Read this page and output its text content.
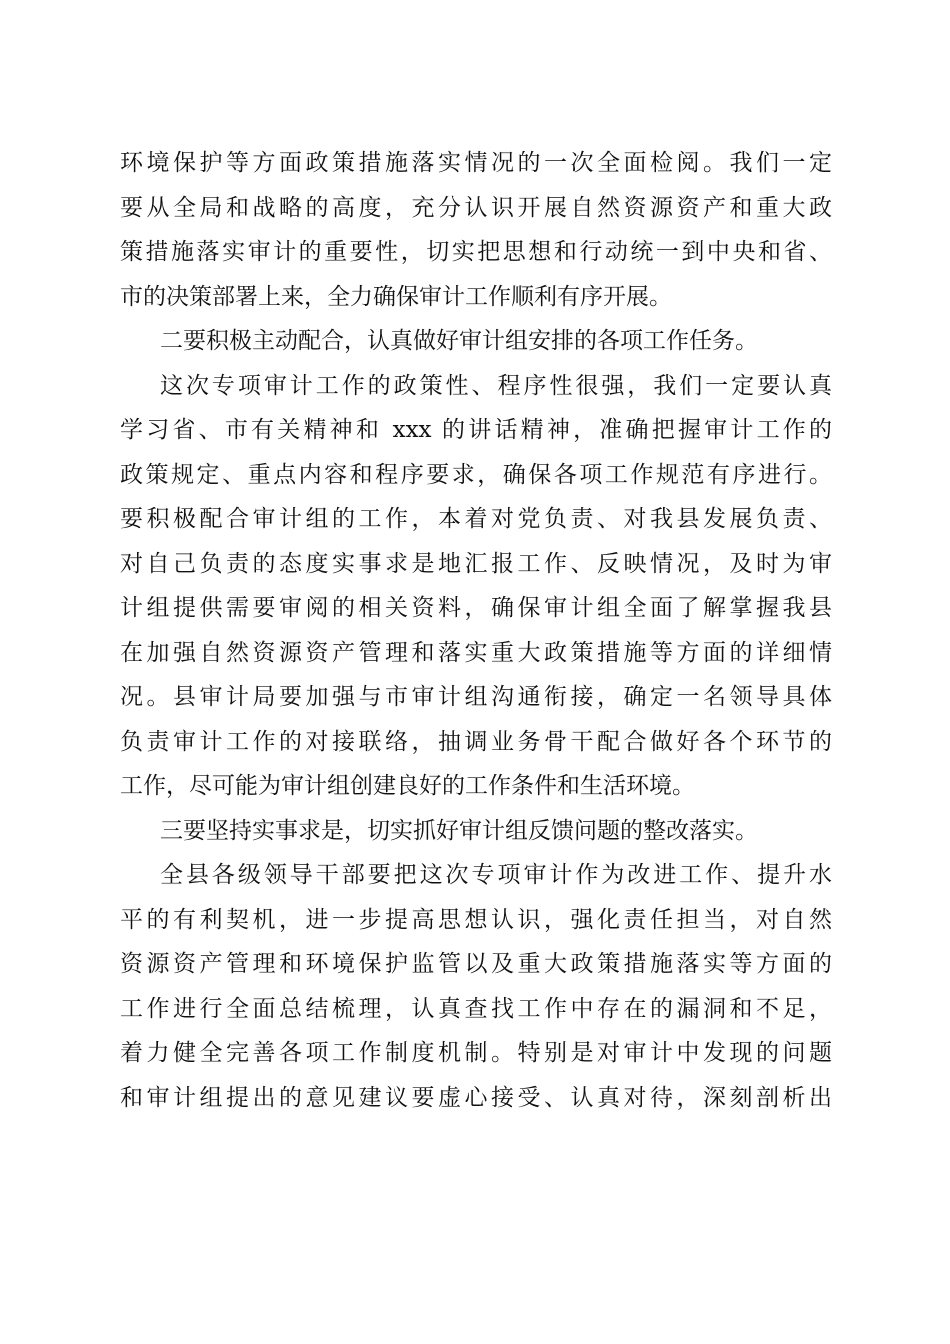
环境保护等方面政策措施落实情况的一次全面检阅。我们一定
要从全局和战略的高度，充分认识开展自然资源资产和重大政
策措施落实审计的重要性，切实把思想和行动统一到中央和省、
市的决策部署上来，全力确保审计工作顺利有序开展。
二要积极主动配合，认真做好审计组安排的各项工作任务。
这次专项审计工作的政策性、程序性很强，我们一定要认真
学习省、市有关精神和 xxx 的讲话精神，准确把握审计工作的
政策规定、重点内容和程序要求，确保各项工作规范有序进行。
要积极配合审计组的工作，本着对党负责、对我县发展负责、
对自己负责的态度实事求是地汇报工作、反映情况，及时为审
计组提供需要审阅的相关资料，确保审计组全面了解掌握我县
在加强自然资源资产管理和落实重大政策措施等方面的详细情
况。县审计局要加强与市审计组沟通衔接，确定一名领导具体
负责审计工作的对接联络，抽调业务骨干配合做好各个环节的
工作，尽可能为审计组创建良好的工作条件和生活环境。
三要坚持实事求是，切实抓好审计组反馈问题的整改落实。
全县各级领导干部要把这次专项审计作为改进工作、提升水
平的有利契机，进一步提高思想认识，强化责任担当，对自然
资源资产管理和环境保护监管以及重大政策措施落实等方面的
工作进行全面总结梳理，认真查找工作中存在的漏洞和不足，
着力健全完善各项工作制度机制。特别是对审计中发现的问题
和审计组提出的意见建议要虚心接受、认真对待，深刻剖析出
